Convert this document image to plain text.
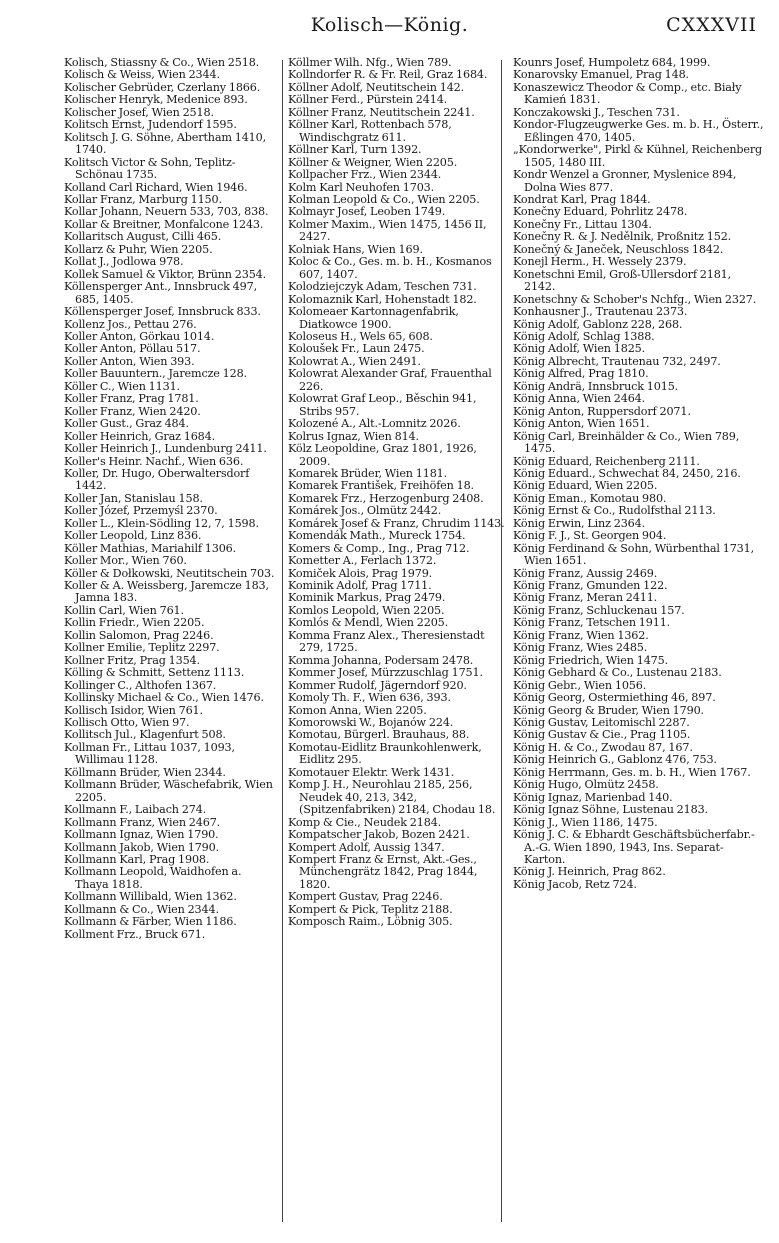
Kolisch—König.	CXXXVII
Kolisch, Stiassny & Co., Wien 2518.
Kolisch & Weiss, Wien 2344.
Kolischer Gebrüder, Czerlany 1866.
Kolischer Henryk, Medenice 893.
Kolischer Josef, Wien 2518.
Kolitsch Ernst, Judendorf 1595.
Kolitsch J. G. Söhne, Abertham 1410, 1740.
Kolitsch Victor & Sohn, Teplitz-Schönau 1735.
Kolland Carl Richard, Wien 1946.
Kollar Franz, Marburg 1150.
Kollar Johann, Neuern 533, 703, 838.
Kollar & Breitner, Monfalcone 1243.
Kollaritsch August, Cilli 465.
Kollarz & Puhr, Wien 2205.
Kollat J., Jodlowa 978.
Kollek Samuel & Viktor, Brünn 2354.
Köllensperger Ant., Innsbruck 497, 685, 1405.
Köllensperger Josef, Innsbruck 833.
Kollenz Jos., Pettau 276.
Koller Anton, Görkau 1014.
Koller Anton, Pöllau 517.
Koller Anton, Wien 393.
Koller Bauuntern., Jaremcze 128.
Köller C., Wien 1131.
Koller Franz, Prag 1781.
Koller Franz, Wien 2420.
Koller Gust., Graz 484.
Koller Heinrich, Graz 1684.
Koller Heinrich J., Lundenburg 2411.
Koller's Heinr. Nachf., Wien 636.
Koller, Dr. Hugo, Oberwaltersdorf 1442.
Koller Jan, Stanislau 158.
Koller Józef, Przemyśl 2370.
Koller L., Klein-Södling 12, 7, 1598.
Koller Leopold, Linz 836.
Köller Mathias, Mariahilf 1306.
Koller Mor., Wien 760.
Köller & Dołkowski, Neutitschein 703.
Koller & A. Weissberg, Jaremcze 183, Jamna 183.
Kollin Carl, Wien 761.
Kollin Friedr., Wien 2205.
Kollin Salomon, Prag 2246.
Kollner Emilie, Teplitz 2297.
Kollner Fritz, Prag 1354.
Kölling & Schmitt, Settenz 1113.
Kollinger C., Althofen 1367.
Kollinsky Michael & Co., Wien 1476.
Kollisch Isidor, Wien 761.
Kollisch Otto, Wien 97.
Kollitsch Jul., Klagenfurt 508.
Kollman Fr., Littau 1037, 1093, Willimau 1128.
Köllmann Brüder, Wien 2344.
Kollmann Brüder, Wäschefabrik, Wien 2205.
Kollmann F., Laibach 274.
Kollmann Franz, Wien 2467.
Kollmann Ignaz, Wien 1790.
Kollmann Jakob, Wien 1790.
Kollmann Karl, Prag 1908.
Kollmann Leopold, Waidhofen a. Thaya 1818.
Kollmann Willibald, Wien 1362.
Kollmann & Co., Wien 2344.
Kollmann & Färber, Wien 1186.
Kollment Frz., Bruck 671.
Köllmer Wilh. Nfg., Wien 789.
Kollndorfer R. & Fr. Reil, Graz 1684.
Köllner Adolf, Neutitschein 142.
Köllner Ferd., Pürstein 2414.
Köllner Franz, Neutitschein 2241.
Köllner Karl, Rottenbach 578, Windischgratz 611.
Köllner Karl, Turn 1392.
Köllner & Weigner, Wien 2205.
Kollpacher Frz., Wien 2344.
Kolm Karl Neuhofen 1703.
Kolman Leopold & Co., Wien 2205.
Kolmayr Josef, Leoben 1749.
Kolmer Maxim., Wien 1475, 1456 II, 2427.
Kolniak Hans, Wien 169.
Koloc & Co., Ges. m. b. H., Kosmanos 607, 1407.
Kolodziejczyk Adam, Teschen 731.
Kolomaznik Karl, Hohenstadt 182.
Kolomeaer Kartonnagenfabrik, Diatkowce 1900.
Koloseus H., Wels 65, 608.
Koloušek Fr., Laun 2475.
Kolowrat A., Wien 2491.
Kolowrat Alexander Graf, Frauenthal 226.
Kolowrat Graf Leop., Běschin 941, Stribs 957.
Kolozené A., Alt.-Lomnitz 2026.
Kolrus Ignaz, Wien 814.
Kölz Leopoldine, Graz 1801, 1926, 2009.
Komarek Brüder, Wien 1181.
Komarek František, Freihöfen 18.
Komarek Frz., Herzogenburg 2408.
Komárek Jos., Olmütz 2442.
Komárek Josef & Franz, Chrudim 1143.
Komendák Math., Mureck 1754.
Komers & Comp., Ing., Prag 712.
Kometter A., Ferlach 1372.
Komiček Alois, Prag 1979.
Kominik Adolf, Prag 1711.
Kominik Markus, Prag 2479.
Komlos Leopold, Wien 2205.
Komlós & Mendl, Wien 2205.
Komma Franz Alex., Theresienstadt 279, 1725.
Komma Johanna, Podersam 2478.
Kommer Josef, Mürzzuschlag 1751.
Kommer Rudolf, Jägerndorf 920.
Komoly Th. F., Wien 636, 393.
Komon Anna, Wien 2205.
Komorowski W., Bojanów 224.
Komotau, Bürgerl. Brauhaus, 88.
Komotau-Eidlitz Braunkohlenwerk, Eidlitz 295.
Komotauer Elektr. Werk 1431.
Komp J. H., Neurohlau 2185, 256, Neudek 40, 213, 342, (Spitzenfabriken) 2184, Chodau 18.
Komp & Cie., Neudek 2184.
Kompatscher Jakob, Bozen 2421.
Kompert Adolf, Aussig 1347.
Kompert Franz & Ernst, Akt.-Ges., Münchengrätz 1842, Prag 1844, 1820.
Kompert Gustav, Prag 2246.
Kompert & Pick, Teplitz 2188.
Komposch Raim., Löbnig 305.
Kounrs Josef, Humpoletz 684, 1999.
Konarovsky Emanuel, Prag 148.
Konaszewicz Theodor & Comp., etc. Biały Kamień 1831.
Konczakowski J., Teschen 731.
Kondor-Flugzeugwerke Ges. m. b. H., Österr., Eßlingen 470, 1405.
„Kondorwerke", Pirkl & Kühnel, Reichenberg 1505, 1480 III.
Kondr Wenzel a Gronner, Myslenice 894, Dolna Wies 877.
Kondrat Karl, Prag 1844.
Konečny Eduard, Pohrlitz 2478.
Konečny Fr., Littau 1304.
Konečny R. & J. Nedělnik, Proßnitz 152.
Konečný & Janeček, Neuschloss 1842.
Konejl Herm., H. Wessely 2379.
Konetschni Emil, Groß-Ullersdorf 2181, 2142.
Konetschny & Schober's Nchfg., Wien 2327.
Konhausner J., Trautenau 2373.
König Adolf, Gablonz 228, 268.
König Adolf, Schlag 1388.
König Adolf, Wien 1825.
König Albrecht, Trautenau 732, 2497.
König Alfred, Prag 1810.
König Andrä, Innsbruck 1015.
König Anna, Wien 2464.
König Anton, Ruppersdorf 2071.
König Anton, Wien 1651.
König Carl, Breinhälder & Co., Wien 789, 1475.
König Eduard, Reichenberg 2111.
König Eduard., Schwechat 84, 2450, 216.
König Eduard, Wien 2205.
König Eman., Komotau 980.
König Ernst & Co., Rudolfsthal 2113.
König Erwin, Linz 2364.
König F. J., St. Georgen 904.
König Ferdinand & Sohn, Würbenthal 1731, Wien 1651.
König Franz, Aussig 2469.
König Franz, Gmunden 122.
König Franz, Meran 2411.
König Franz, Schluckenau 157.
König Franz, Tetschen 1911.
König Franz, Wien 1362.
König Franz, Wies 2485.
König Friedrich, Wien 1475.
König Gebhard & Co., Lustenau 2183.
König Gebr., Wien 1056.
König Georg, Ostermiething 46, 897.
König Georg & Bruder, Wien 1790.
König Gustav, Leitomischl 2287.
König Gustav & Cie., Prag 1105.
König H. & Co., Zwodau 87, 167.
König Heinrich G., Gablonz 476, 753.
König Herrmann, Ges. m. b. H., Wien 1767.
König Hugo, Olmütz 2458.
König Ignaz, Marienbad 140.
König Ignaz Söhne, Lustenau 2183.
König J., Wien 1186, 1475.
König J. C. & Ebhardt Geschäftsbücherfabr.-A.-G. Wien 1890, 1943, Ins. Separat-Karton.
König J. Heinrich, Prag 862.
König Jacob, Retz 724.
